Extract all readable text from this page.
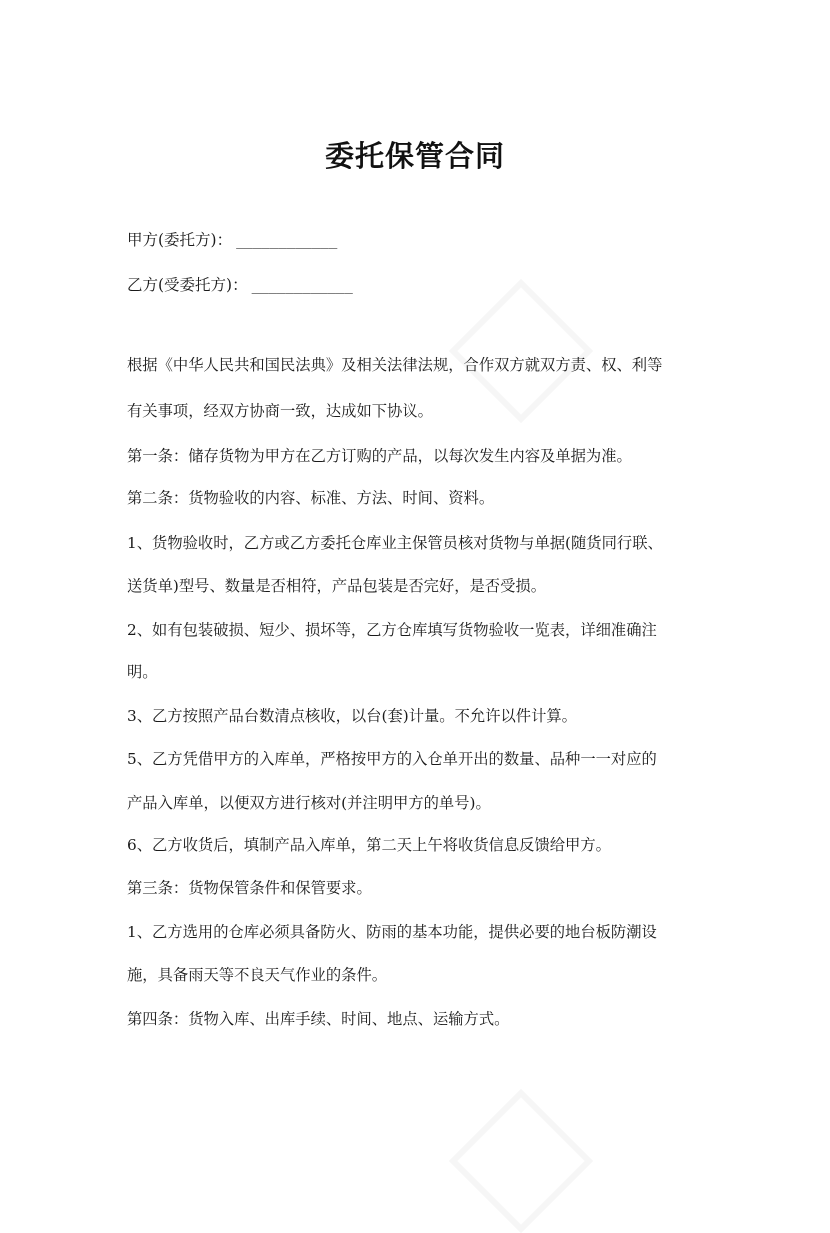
委托保管合同
甲方(委托方)： ____________
乙方(受委托方)： ____________
根据《中华人民共和国民法典》及相关法律法规，合作双方就双方责、权、利等
有关事项，经双方协商一致，达成如下协议。
第一条：储存货物为甲方在乙方订购的产品，以每次发生内容及单据为准。
第二条：货物验收的内容、标准、方法、时间、资料。
1、货物验收时，乙方或乙方委托仓库业主保管员核对货物与单据(随货同行联、
送货单)型号、数量是否相符，产品包装是否完好，是否受损。
2、如有包装破损、短少、损坏等，乙方仓库填写货物验收一览表，详细准确注
明。
3、乙方按照产品台数清点核收，以台(套)计量。不允许以件计算。
5、乙方凭借甲方的入库单，严格按甲方的入仓单开出的数量、品种一一对应的
产品入库单，以便双方进行核对(并注明甲方的单号)。
6、乙方收货后，填制产品入库单，第二天上午将收货信息反馈给甲方。
第三条：货物保管条件和保管要求。
1、乙方选用的仓库必须具备防火、防雨的基本功能，提供必要的地台板防潮设
施，具备雨天等不良天气作业的条件。
第四条：货物入库、出库手续、时间、地点、运输方式。
